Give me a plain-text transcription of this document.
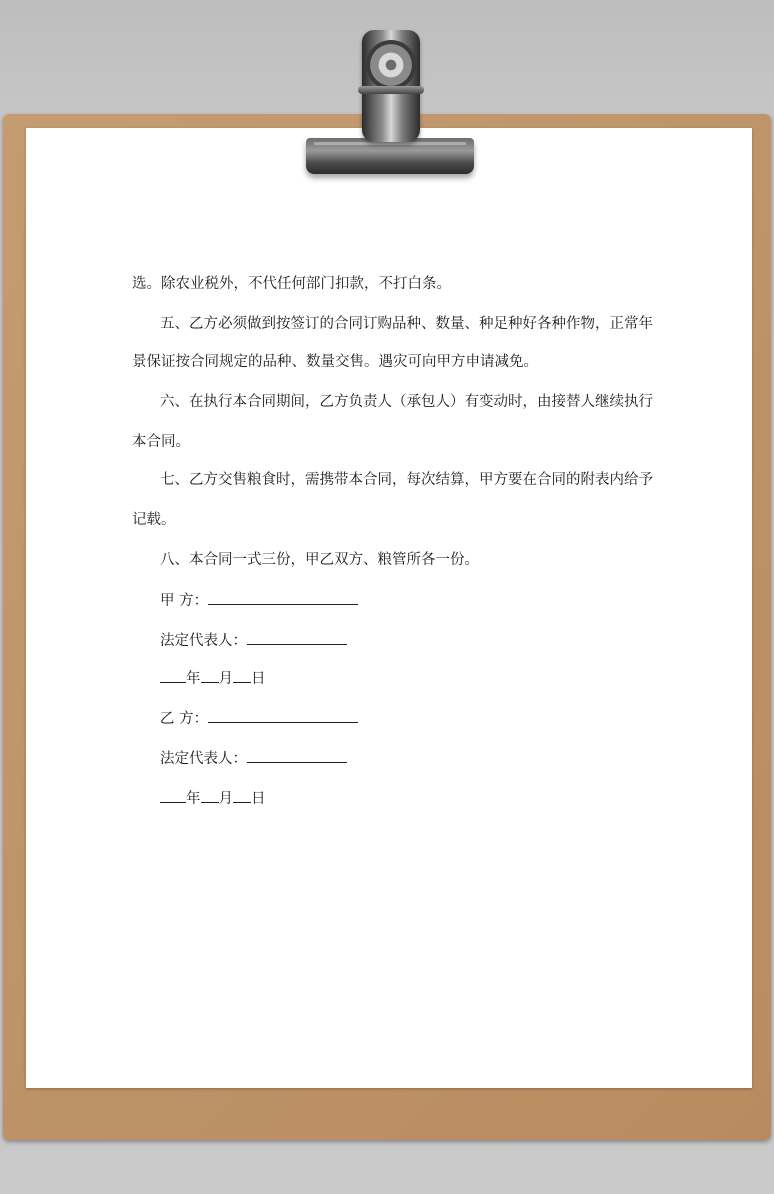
选。除农业税外，不代任何部门扣款，不打白条。
五、乙方必须做到按签订的合同订购品种、数量、种足种好各种作物，正常年
景保证按合同规定的品种、数量交售。遇灾可向甲方申请减免。
六、在执行本合同期间，乙方负责人（承包人）有变动时，由接替人继续执行
本合同。
七、乙方交售粮食时，需携带本合同，每次结算，甲方要在合同的附表内给予
记载。
八、本合同一式三份，甲乙双方、粮管所各一份。
甲 方：
法定代表人：
年 月 日
乙 方：
法定代表人：
年 月 日
